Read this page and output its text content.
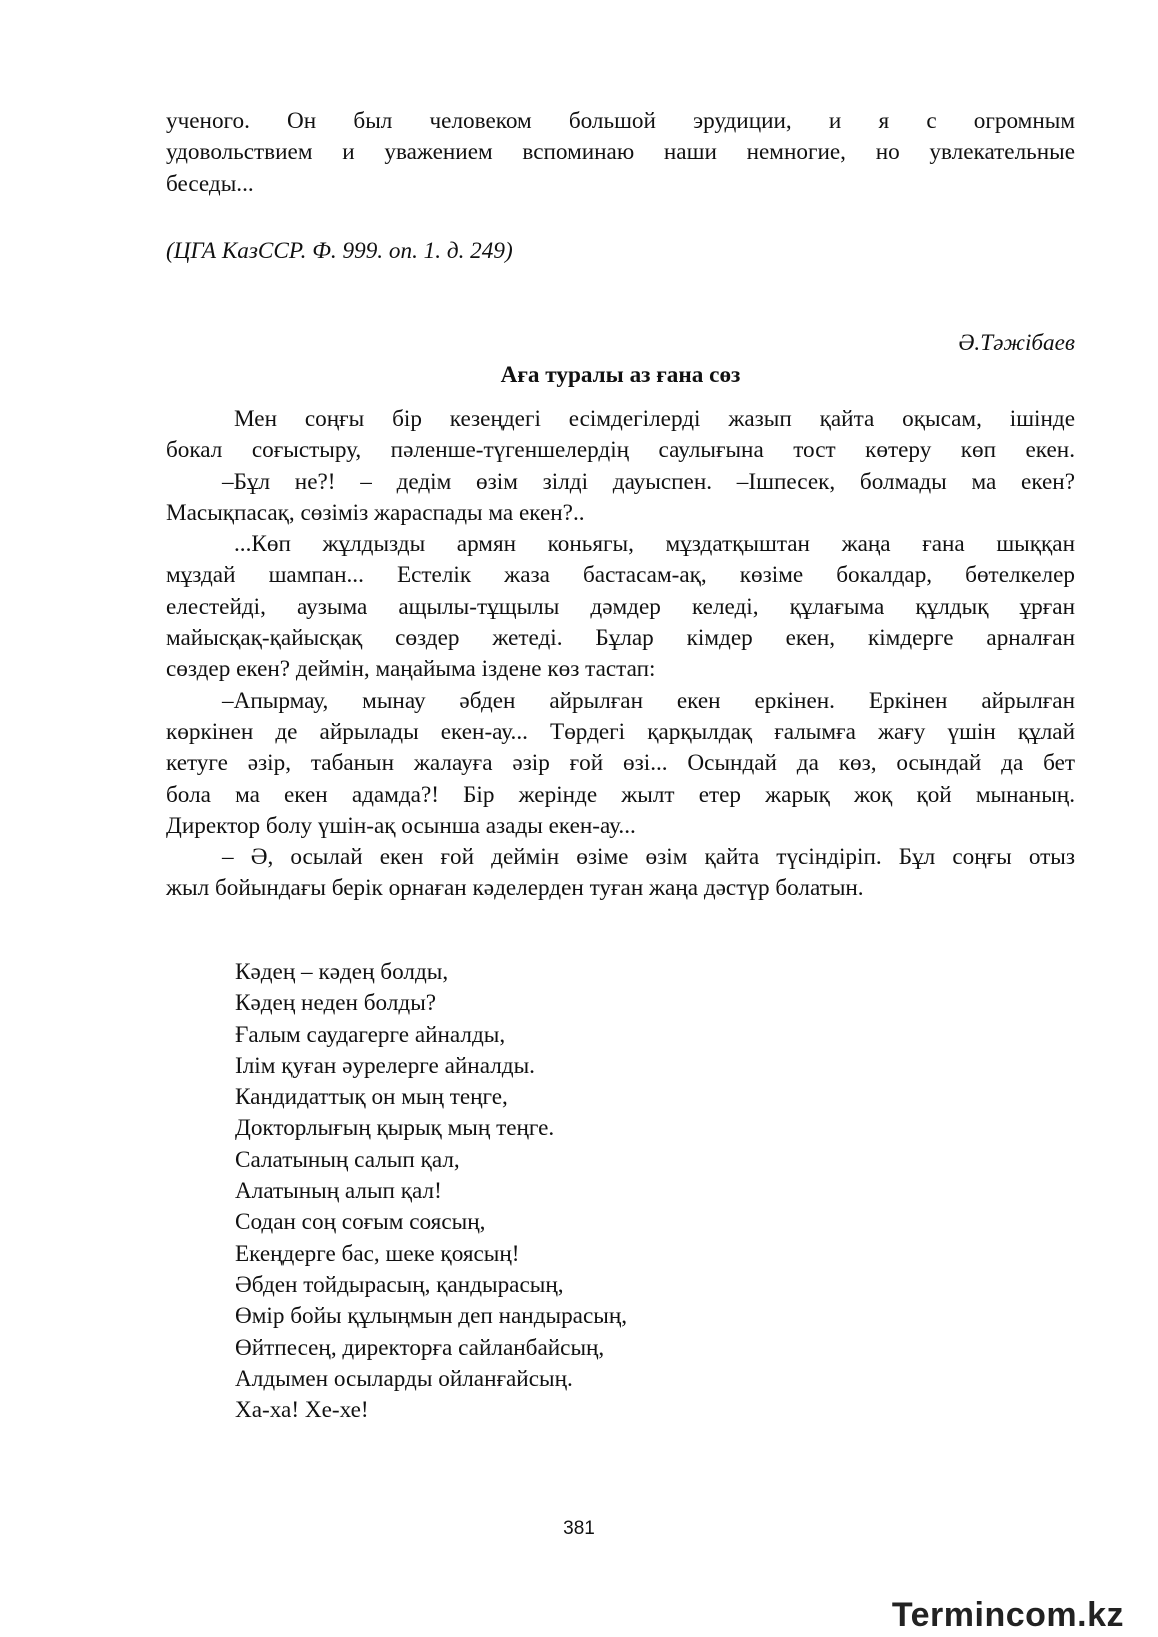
ученого. Он был человеком большой эрудиции, и я с огромным
удовольствием и уважением вспоминаю наши немногие, но увлекательные
беседы...
(ЦГА КазССР. Ф. 999. оп. 1. д. 249)
Ә.Тәжібаев
Аға туралы аз ғана сөз
Мен соңғы бір кезеңдегі есімдегілерді жазып қайта оқысам, ішінде
бокал соғыстыру, пәленше-түгеншелердің саулығына тост көтеру көп екен.
–Бұл не?! – дедім өзім зілді дауыспен. –Ішпесек, болмады ма екен?
Масықпасақ, сөзіміз жараспады ма екен?..
...Көп жұлдызды армян коньягы, мұздатқыштан жаңа ғана шыққан
мұздай шампан... Естелік жаза бастасам-ақ, көзіме бокалдар, бөтелкелер
елестейді, аузыма ащылы-тұщылы дәмдер келеді, құлағыма құлдық ұрған
майысқақ-қайысқақ сөздер жетеді. Бұлар кімдер екен, кімдерге арналған
сөздер екен? деймін, маңайыма іздене көз тастап:
–Апырмау, мынау әбден айрылған екен еркінен. Еркінен айрылған
көркінен де айрылады екен-ау... Төрдегі қарқылдақ ғалымға жағу үшін құлай
кетуге әзір, табанын жалауға әзір ғой өзі... Осындай да көз, осындай да бет
бола ма екен адамда?! Бір жерінде жылт етер жарық жоқ қой мынаның.
Директор болу үшін-ақ осынша азады екен-ау...
– Ә, осылай екен ғой деймін өзіме өзім қайта түсіндіріп. Бұл соңғы отыз
жыл бойындағы берік орнаған кәделерден туған жаңа дәстүр болатын.
Кәдең – кәдең болды,
Кәдең неден болды?
Ғалым саудагерге айналды,
Ілім қуған әурелерге айналды.
Кандидаттық он мың теңге,
Докторлығың қырық мың теңге.
Салатының салып қал,
Алатының алып қал!
Содан соң соғым соясың,
Екеңдерге бас, шеке қоясың!
Әбден тойдырасың, қандырасың,
Өмір бойы құлыңмын деп нандырасың,
Өйтпесең, директорға сайланбайсың,
Алдымен осыларды ойланғайсың.
Ха-ха! Хе-хе!
381
Termincom.kz
